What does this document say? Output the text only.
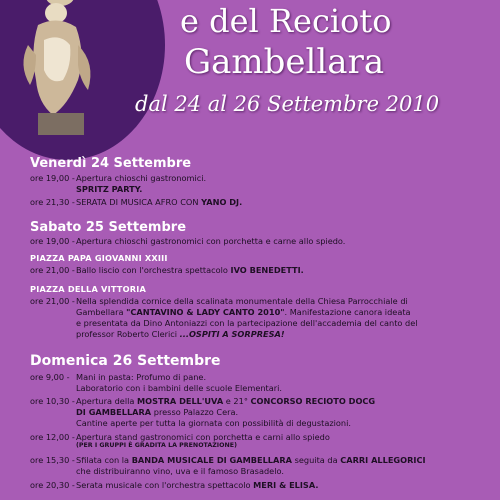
e del Recioto
Gambellara
dal 24 al 26 Settembre 2010
Venerdì 24 Settembre
ore 19,00 -Apertura chioschi gastronomici.
SPRITZ PARTY.
ore 21,30 -SERATA DI MUSICA AFRO CON YANO DJ.
Sabato 25 Settembre
ore 19,00 -Apertura chioschi gastronomici con porchetta e carne allo spiedo.
PIAZZA PAPA GIOVANNI XXIII
ore 21,00 -Ballo liscio con l'orchestra spettacolo IVO BENEDETTI.
PIAZZA DELLA VITTORIA
ore 21,00 -Nella splendida cornice della scalinata monumentale della Chiesa Parrocchiale di
Gambellara "CANTAVINO & LADY CANTO 2010". Manifestazione canora ideata
e presentata da Dino Antoniazzi con la partecipazione dell'accademia del canto del
professor Roberto Clerici ...OSPITI A SORPRESA!
Domenica 26 Settembre
ore 9,00 - Mani in pasta: Profumo di pane.
Laboratorio con i bambini delle scuole Elementari.
ore 10,30 -Apertura della MOSTRA DELL'UVA e 21° CONCORSO RECIOTO DOCG
DI GAMBELLARA presso Palazzo Cera.
Cantine aperte per tutta la giornata con possibilità di degustazioni.
ore 12,00 -Apertura stand gastronomici con porchetta e carni allo spiedo
(PER I GRUPPI È GRADITA LA PRENOTAZIONE)
ore 15,30 -Sfilata con la BANDA MUSICALE DI GAMBELLARA seguita da CARRI ALLEGORICI
che distribuiranno vino, uva e il famoso Brasadelo.
ore 20,30 -Serata musicale con l'orchestra spettacolo MERI & ELISA.
